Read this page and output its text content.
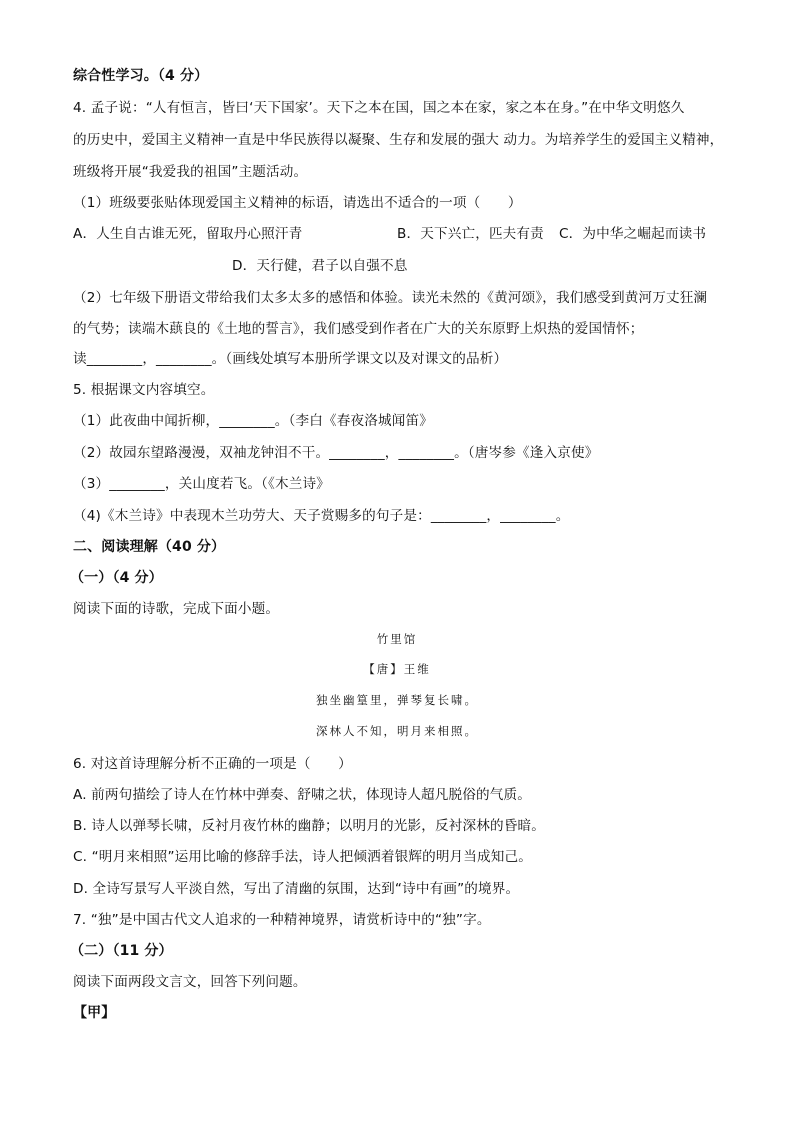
综合性学习。（4 分）
4. 孟子说：“人有恒言，皆曰‘天下国家’。天下之本在国，国之本在家，家之本在身。”在中华文明悠久
的历史中，爱国主义精神一直是中华民族得以凝聚、生存和发展的强大 动力。为培养学生的爱国主义精神，
班级将开展“我爱我的祖国”主题活动。
（1）班级要张贴体现爱国主义精神的标语，请选出不适合的一项（　　）
A．人生自古谁无死，留取丹心照汗青	B．天下兴亡，匹夫有责 C．为中华之崛起而读书
D．天行健，君子以自强不息
（2）七年级下册语文带给我们太多太多的感悟和体验。读光未然的《黄河颂》，我们感受到黄河万丈狂澜
的气势；读端木蕻良的《土地的誓言》，我们感受到作者在广大的关东原野上炽热的爱国情怀；
读________，________。（画线处填写本册所学课文以及对课文的品析）
5. 根据课文内容填空。
（1）此夜曲中闻折柳，________。（李白《春夜洛城闻笛》
（2）故园东望路漫漫，双袖龙钟泪不干。________，________。（唐岑参《逢入京使》
（3）________，关山度若飞。（《木兰诗》
（4)《木兰诗》中表现木兰功劳大、天子赏赐多的句子是：________，________。
二、阅读理解（40 分）
（一）（4 分）
阅读下面的诗歌，完成下面小题。
竹里馆
【唐】王维
独坐幽篁里，弹琴复长啸。
深林人不知，明月来相照。
6. 对这首诗理解分析不正确的一项是（　　）
A. 前两句描绘了诗人在竹林中弹奏、舒啸之状，体现诗人超凡脱俗的气质。
B. 诗人以弹琴长啸，反衬月夜竹林的幽静；以明月的光影，反衬深林的昏暗。
C. “明月来相照”运用比喻的修辞手法，诗人把倾洒着银辉的明月当成知己。
D. 全诗写景写人平淡自然，写出了清幽的氛围，达到“诗中有画”的境界。
7. “独”是中国古代文人追求的一种精神境界，请赏析诗中的“独”字。
（二）（11 分）
阅读下面两段文言文，回答下列问题。
【甲】
